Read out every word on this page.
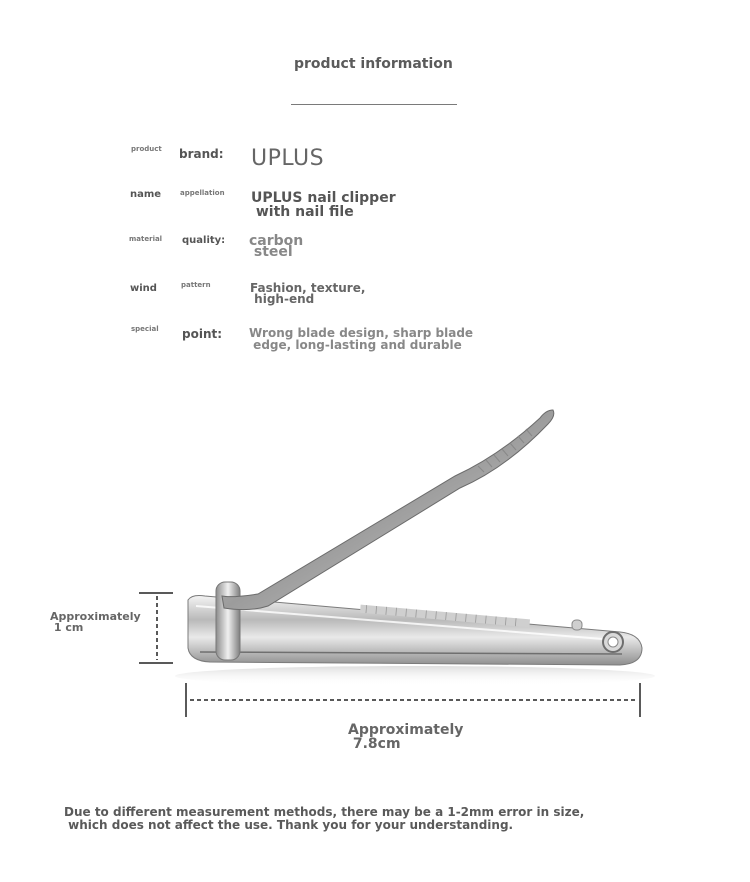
product information
product brand: UPLUS
name	appellation UPLUS nail clipper
with nail file
material quality: carbon
steel
wind	pattern	Fashion, texture,
high-end
special point: Wrong blade design, sharp blade
edge, long-lasting and durable
Approximately
1 cm
Approximately
7.8cm
Due to different measurement methods, there may be a 1-2mm error in size,
which does not affect the use. Thank you for your understanding.
